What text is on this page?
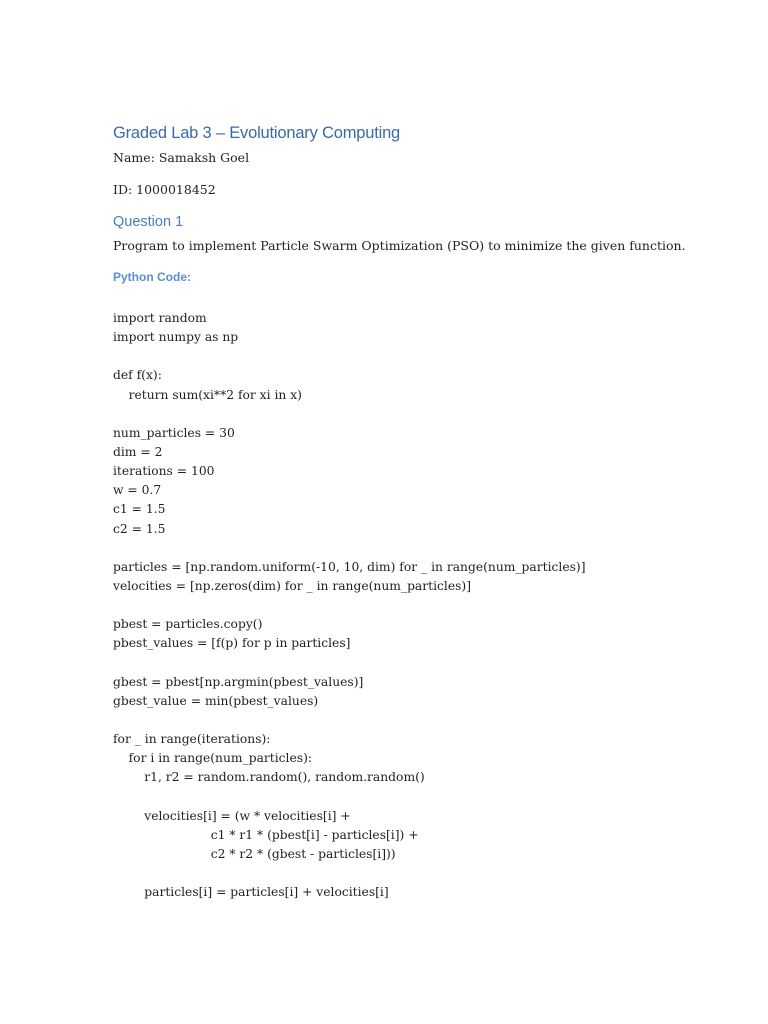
Graded Lab 3 – Evolutionary Computing
Name: Samaksh Goel
ID: 1000018452
Question 1
Program to implement Particle Swarm Optimization (PSO) to minimize the given function.
Python Code:
import random
import numpy as np
def f(x):
return sum(xi**2 for xi in x)
num_particles = 30
dim = 2
iterations = 100
w = 0.7
c1 = 1.5
c2 = 1.5
particles = [np.random.uniform(-10, 10, dim) for _ in range(num_particles)]
velocities = [np.zeros(dim) for _ in range(num_particles)]
pbest = particles.copy()
pbest_values = [f(p) for p in particles]
gbest = pbest[np.argmin(pbest_values)]
gbest_value = min(pbest_values)
for _ in range(iterations):
for i in range(num_particles):
r1, r2 = random.random(), random.random()
velocities[i] = (w * velocities[i] +
c1 * r1 * (pbest[i] - particles[i]) +
c2 * r2 * (gbest - particles[i]))
particles[i] = particles[i] + velocities[i]
